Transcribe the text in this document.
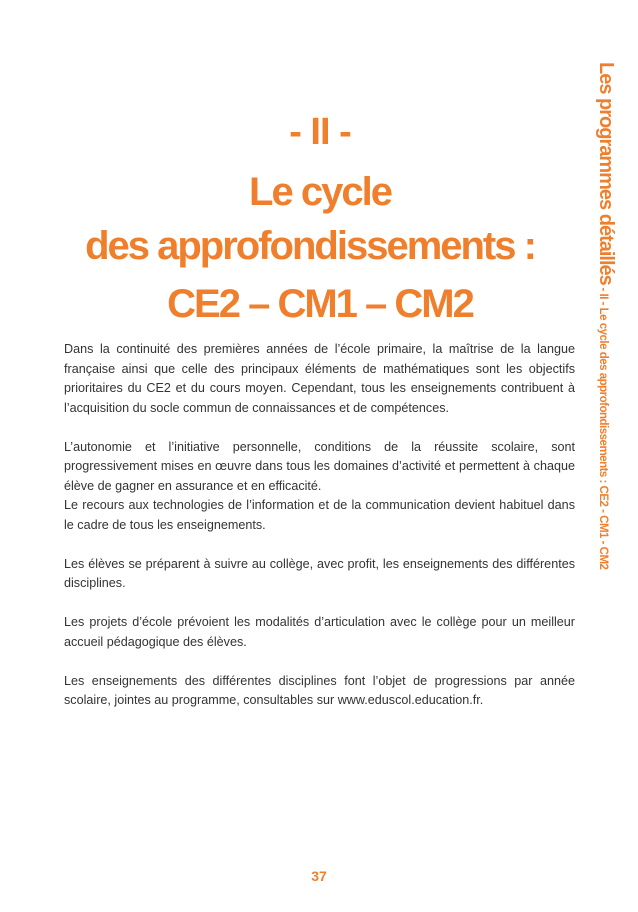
- II -
Le cycle
des approfondissements :
CE2 – CM1 – CM2
Les programmes détaillés - II - Le cycle des approfondissements : CE2 - CM1 - CM2

Dans la continuité des premières années de l’école primaire, la maîtrise de la langue française ainsi que celle des principaux éléments de mathématiques sont les objectifs prioritaires du CE2 et du cours moyen. Cependant, tous les enseignements contribuent à l’acquisition du socle commun de connaissances et de compétences.

L’autonomie et l’initiative personnelle, conditions de la réussite scolaire, sont progressivement mises en œuvre dans tous les domaines d’activité et permettent à chaque élève de gagner en assurance et en efficacité.

Le recours aux technologies de l’information et de la communication devient habituel dans le cadre de tous les enseignements.

Les élèves se préparent à suivre au collège, avec profit, les enseignements des différentes disciplines.

Les projets d’école prévoient les modalités d’articulation avec le collège pour un meilleur accueil pédagogique des élèves.

Les enseignements des différentes disciplines font l’objet de progressions par année scolaire, jointes au programme, consultables sur www.eduscol.education.fr.

37
